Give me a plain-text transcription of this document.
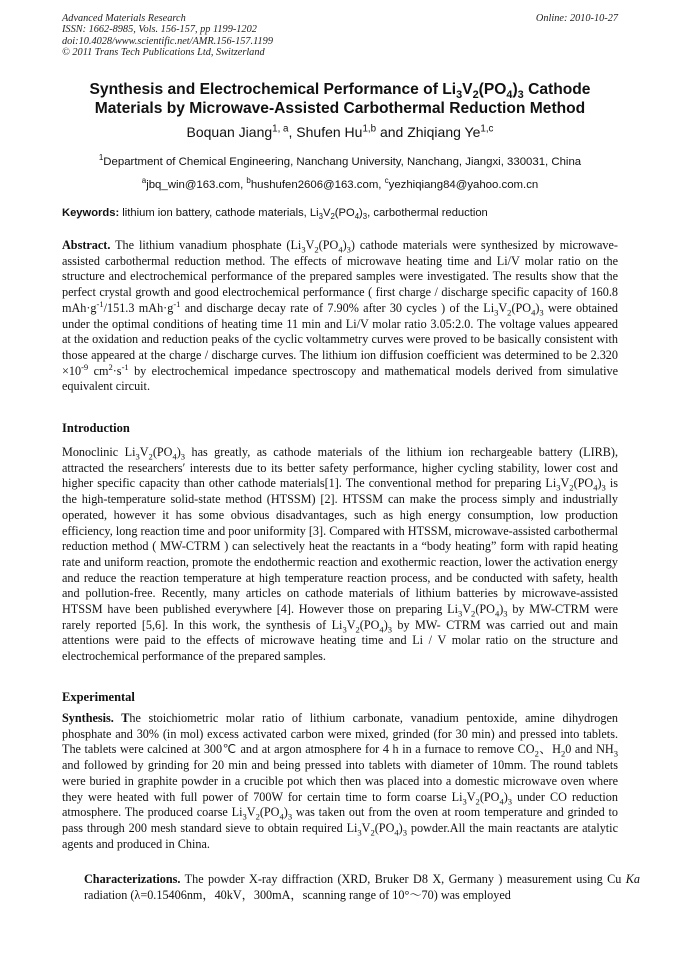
Advanced Materials Research
ISSN: 1662-8985, Vols. 156-157, pp 1199-1202
doi:10.4028/www.scientific.net/AMR.156-157.1199
© 2011 Trans Tech Publications Ltd, Switzerland
Online: 2010-10-27
Synthesis and Electrochemical Performance of $Li_3V_2(PO_4)_3$ Cathode
Materials by Microwave-Assisted Carbothermal Reduction Method
Boquan Jiang$^{1, a}$, Shufen Hu$^{1,b}$ and Zhiqiang Ye$^{1,c}$
$^1$Department of Chemical Engineering, Nanchang University, Nanchang, Jiangxi, 330031, China
$^a$jbq_win@163.com, $^b$hushufen2606@163.com, $^c$yezhiqiang84@yahoo.com.cn
Keywords: lithium ion battery, cathode materials, $Li_3V_2(PO_4)_3$, carbothermal reduction
Abstract. The lithium vanadium phosphate $(Li_3V_2(PO_4)_3)$ cathode materials were synthesized by microwave- assisted carbothermal reduction method. The effects of microwave heating time and Li/V molar ratio on the structure and electrochemical performance of the prepared samples were investigated. The results show that the perfect crystal growth and good electrochemical performance ( first charge / discharge specific capacity of 160.8 $mAh\cdot g^{-1}/151.3$ $mAh\cdot g^{-1}$ and discharge decay rate of 7.90% after 30 cycles ) of the $Li_3V_2(PO_4)_3$ were obtained under the optimal conditions of heating time 11 min and Li/V molar ratio 3.05:2.0. The voltage values appeared at the oxidation and reduction peaks of the cyclic voltammetry curves were proved to be basically consistent with those appeared at the charge / discharge curves. The lithium ion diffusion coefficient was determined to be $2.320 \times 10^{-9}$ $cm^2\cdot s^{-1}$ by electrochemical impedance spectroscopy and mathematical models derived from simulative equivalent circuit.
Introduction
Monoclinic $Li_3V_2(PO_4)_3$ has greatly, as cathode materials of the lithium ion rechargeable battery (LIRB), attracted the researchers′ interests due to its better safety performance, higher cycling stability, lower cost and higher specific capacity than other cathode materials[1]. The conventional method for preparing $Li_3V_2(PO_4)_3$ is the high-temperature solid-state method (HTSSM) [2]. HTSSM can make the process simply and industrially operated, however it has some obvious disadvantages, such as high energy consumption, low production efficiency, long reaction time and poor uniformity [3]. Compared with HTSSM, microwave-assisted carbothermal reduction method ( MW-CTRM ) can selectively heat the reactants in a “body heating” form with rapid heating rate and uniform reaction, promote the endothermic reaction and exothermic reaction, lower the activation energy and reduce the reaction temperature at high temperature reaction process, and be conducted with safety, health and pollution-free. Recently, many articles on cathode materials of lithium batteries by microwave-assisted HTSSM have been published everywhere [4]. However those on preparing $Li_3V_2(PO_4)_3$ by MW-CTRM were rarely reported [5,6]. In this work, the synthesis of $Li_3V_2(PO_4)_3$ by MW- CTRM was carried out and main attentions were paid to the effects of microwave heating time and Li / V molar ratio on the structure and electrochemical performance of the prepared samples.
Experimental
Synthesis. The stoichiometric molar ratio of lithium carbonate, vanadium pentoxide, amine dihydrogen phosphate and 30% (in mol) excess activated carbon were mixed, grinded (for 30 min) and pressed into tablets. The tablets were calcined at 300℃ and at argon atmosphere for 4 h in a furnace to remove $CO_2$、$H_20$ and $NH_3$ and followed by grinding for 20 min and being pressed into tablets with diameter of 10mm. The round tablets were buried in graphite powder in a crucible pot which then was placed into a domestic microwave oven where they were heated with full power of 700W for certain time to form coarse $Li_3V_2(PO_4)_3$ under CO reduction atmosphere. The produced coarse $Li_3V_2(PO_4)_3$ was taken out from the oven at room temperature and grinded to pass through 200 mesh standard sieve to obtain required $Li_3V_2(PO_4)_3$ powder.All the main reactants are atalytic agents and produced in China.
Characterizations. The powder X-ray diffraction (XRD, Bruker D8 X, Germany ) measurement using Cu Ka radiation (λ=0.15406nm，40kV，300mA，scanning range of 10°～70) was employed
